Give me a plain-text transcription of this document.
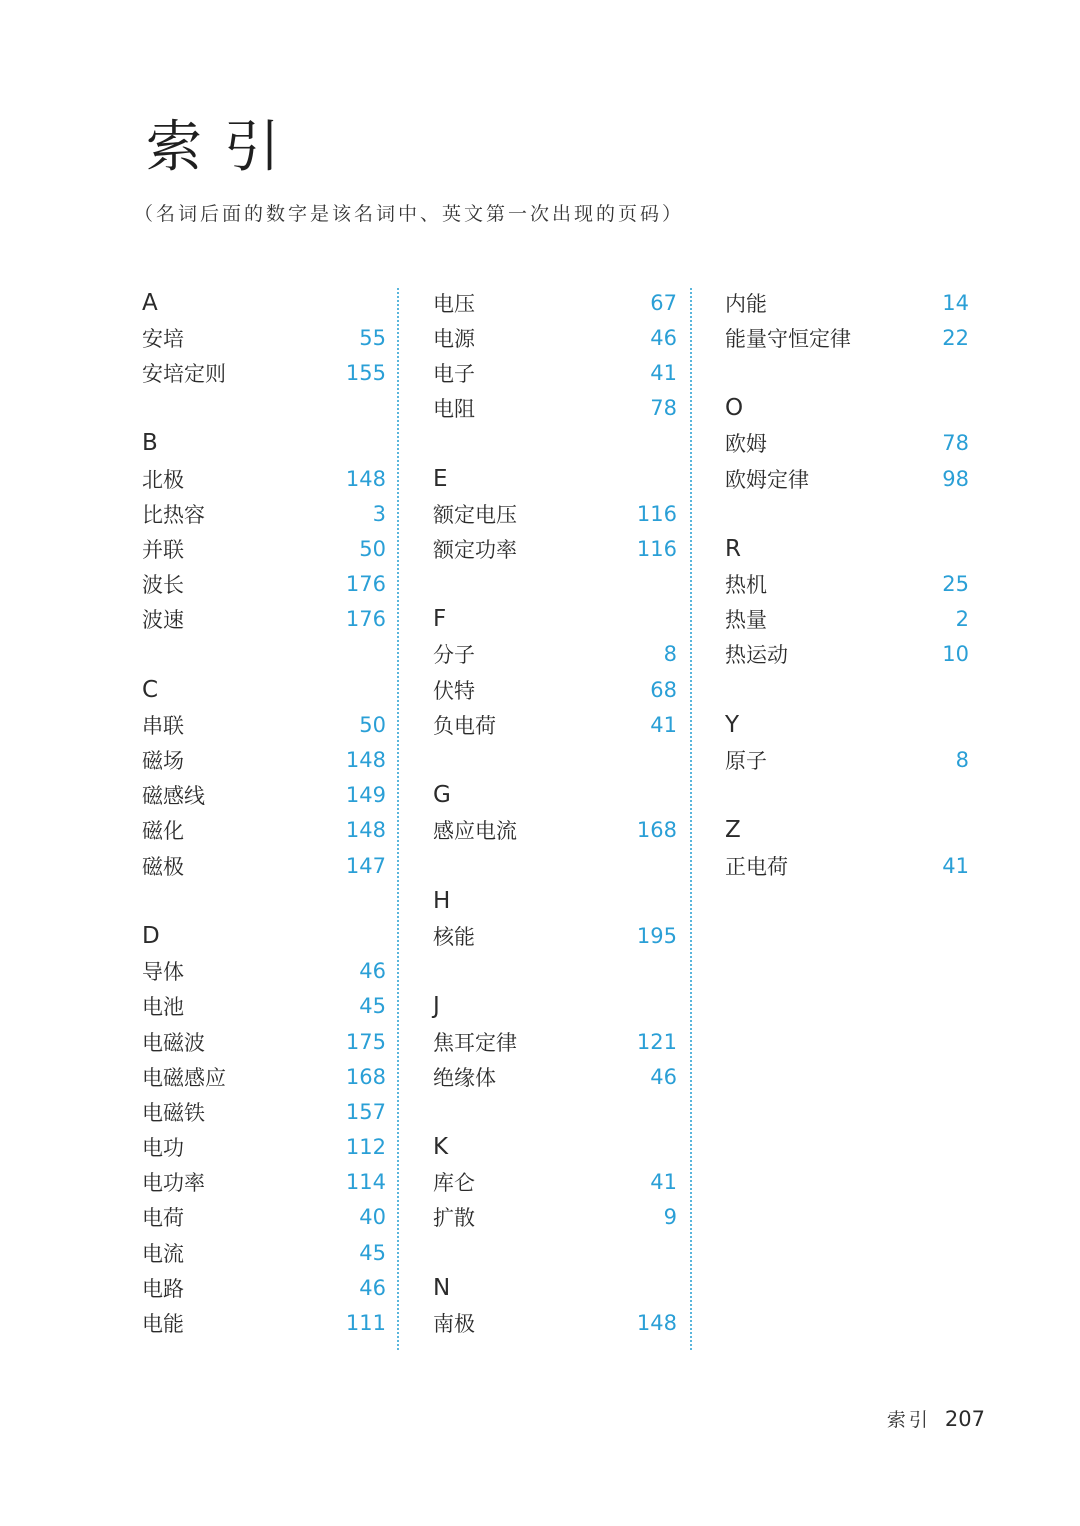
索引
（名词后面的数字是该名词中、英文第一次出现的页码）
A
安培	55
安培定则	155
B
北极	148
比热容	3
并联	50
波长	176
波速	176
C
串联	50
磁场	148
磁感线	149
磁化	148
磁极	147
D
导体	46
电池	45
电磁波	175
电磁感应	168
电磁铁	157
电功	112
电功率	114
电荷	40
电流	45
电路	46
电能	111
电压	67
电源	46
电子	41
电阻	78
E
额定电压	116
额定功率	116
F
分子	8
伏特	68
负电荷	41
G
感应电流	168
H
核能	195
J
焦耳定律	121
绝缘体	46
K
库仑	41
扩散	9
N
南极	148
内能	14
能量守恒定律	22
O
欧姆	78
欧姆定律	98
R
热机	25
热量	2
热运动	10
Y
原子	8
Z
正电荷	41
索引 207
